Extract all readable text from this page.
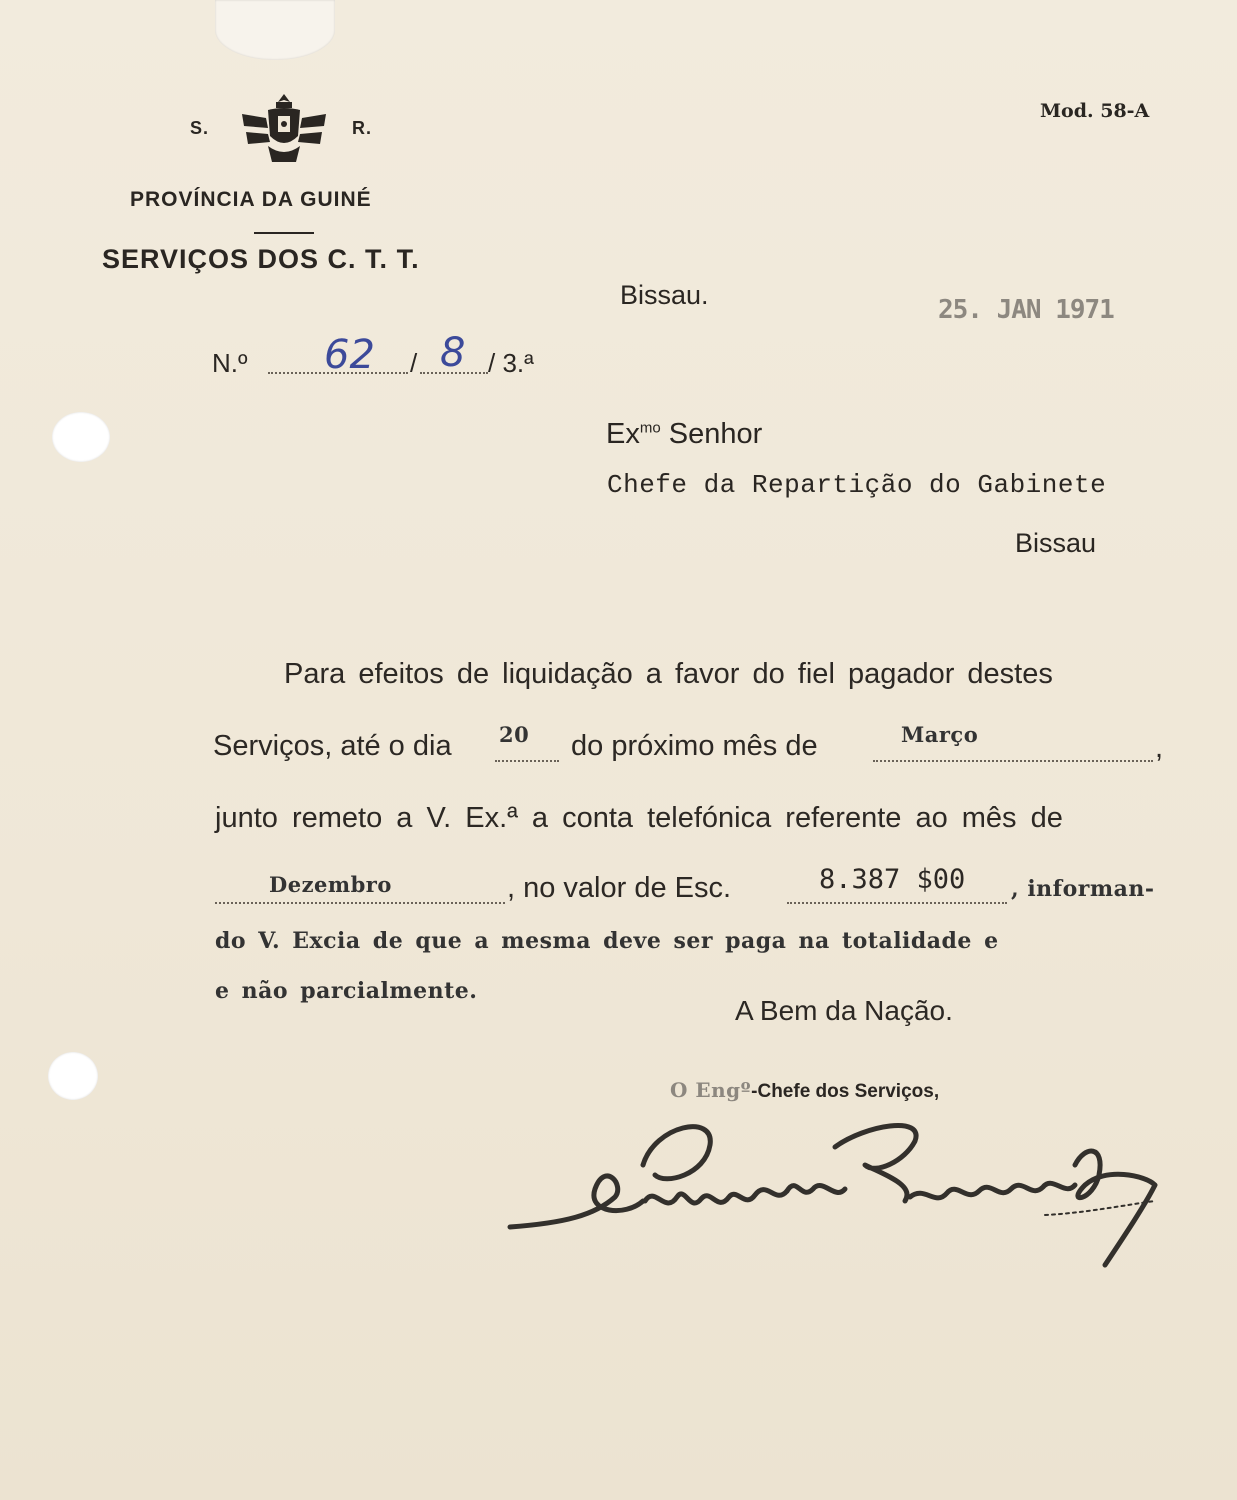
S.	R.
PROVÍNCIA DA GUINÉ
SERVIÇOS DOS C. T. T.
Mod. 58-A
Bissau.	25. JAN 1971
N.º 62 / 8 / 3.ª
$Ex^{mo}$ Senhor
Chefe da Repartição do Gabinete
Bissau
Para efeitos de liquidação a favor do fiel pagador destes
Serviços, até o dia 20 do próximo mês de	Março	,
junto remeto a V. Ex.ª a conta telefónica referente ao mês de
Dezembro	, no valor de Esc.	8.387 $00 , informan-
do V. Excia de que a mesma deve ser paga na totalidade e
e não parcialmente.
A Bem da Nação.
O Engº-Chefe dos Serviços,
